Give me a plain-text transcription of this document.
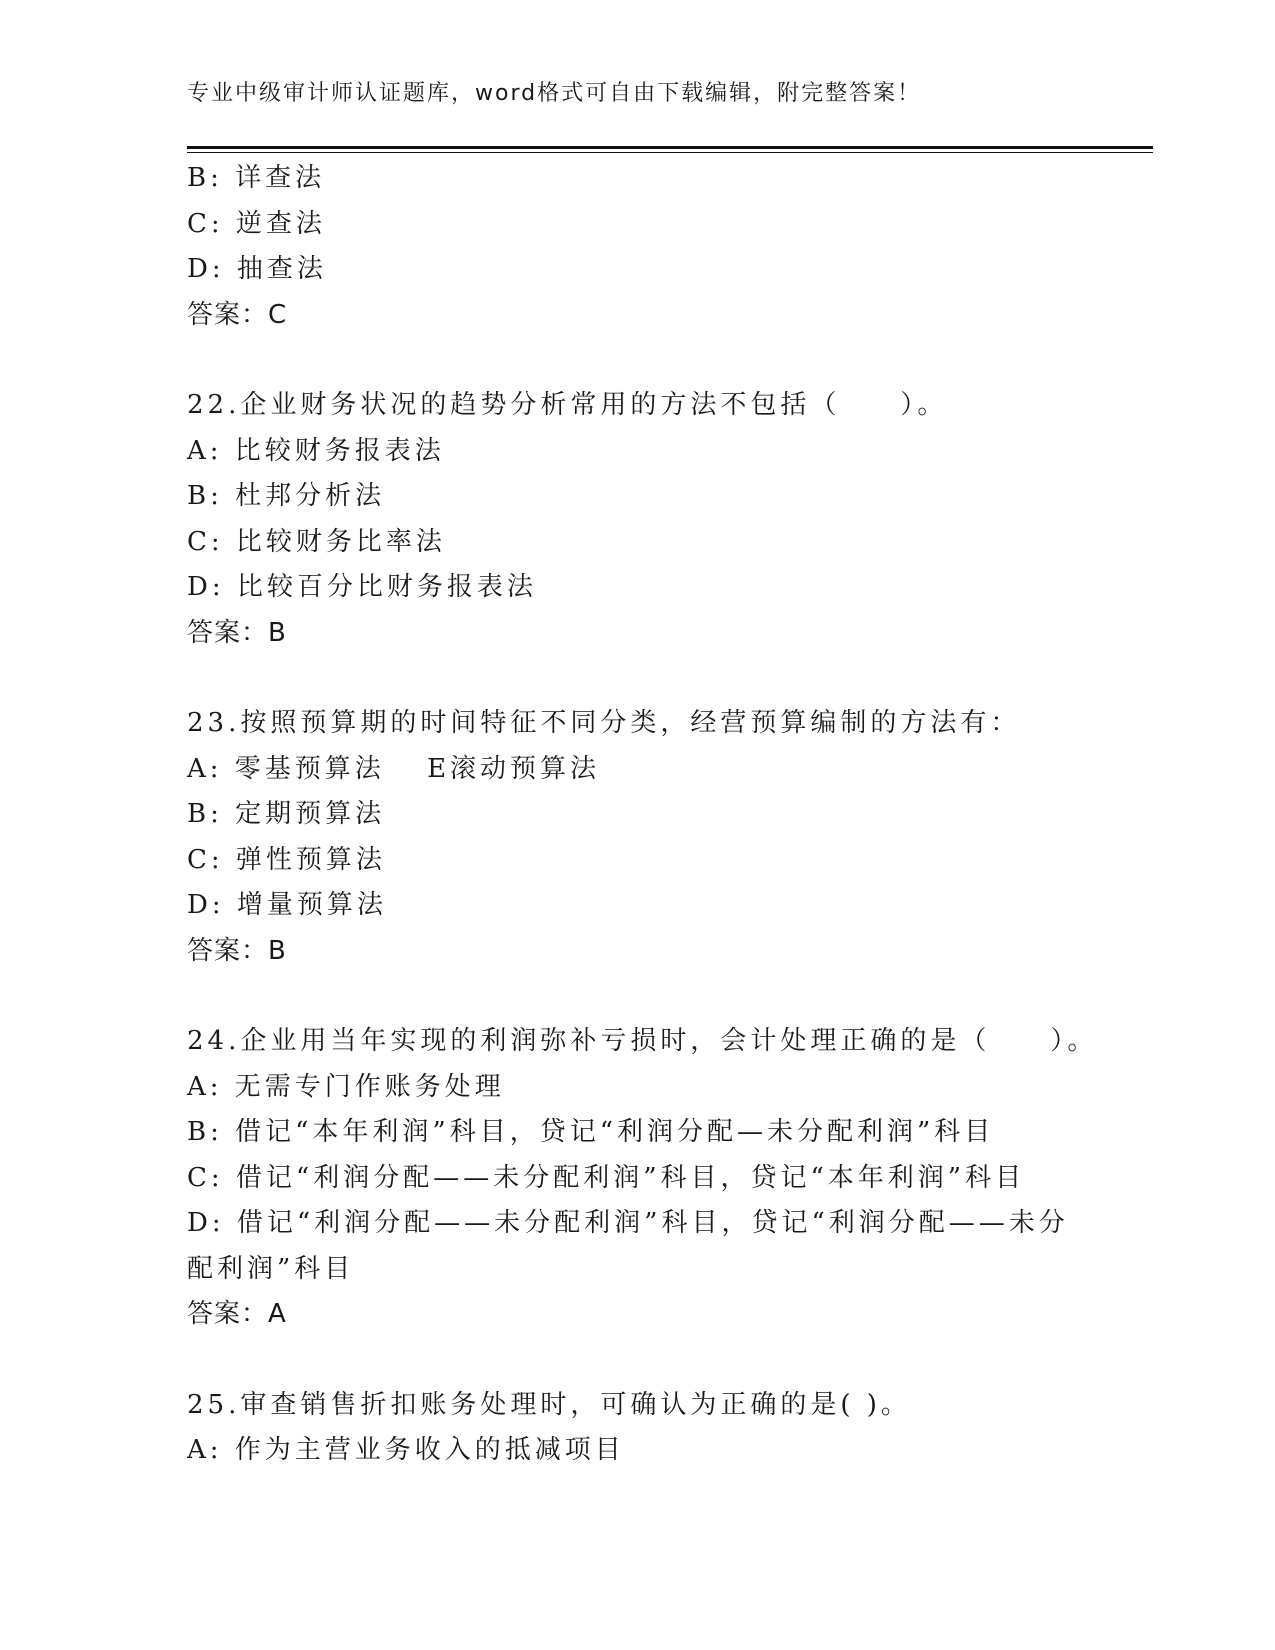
专业中级审计师认证题库，word格式可自由下载编辑，附完整答案！
B: 详查法
C: 逆查法
D: 抽查法
答案：C
22.企业财务状况的趋势分析常用的方法不包括（　　）。
A: 比较财务报表法
B: 杜邦分析法
C: 比较财务比率法
D: 比较百分比财务报表法
答案：B
23.按照预算期的时间特征不同分类，经营预算编制的方法有：
A: 零基预算法　 E滚动预算法
B: 定期预算法
C: 弹性预算法
D: 增量预算法
答案：B
24.企业用当年实现的利润弥补亏损时，会计处理正确的是（　　）。
A: 无需专门作账务处理
B: 借记“本年利润”科目，贷记“利润分配—未分配利润”科目
C: 借记“利润分配——未分配利润”科目，贷记“本年利润”科目
D: 借记“利润分配——未分配利润”科目，贷记“利润分配——未分配利润”科目
答案：A
25.审查销售折扣账务处理时，可确认为正确的是( )。
A: 作为主营业务收入的抵减项目
